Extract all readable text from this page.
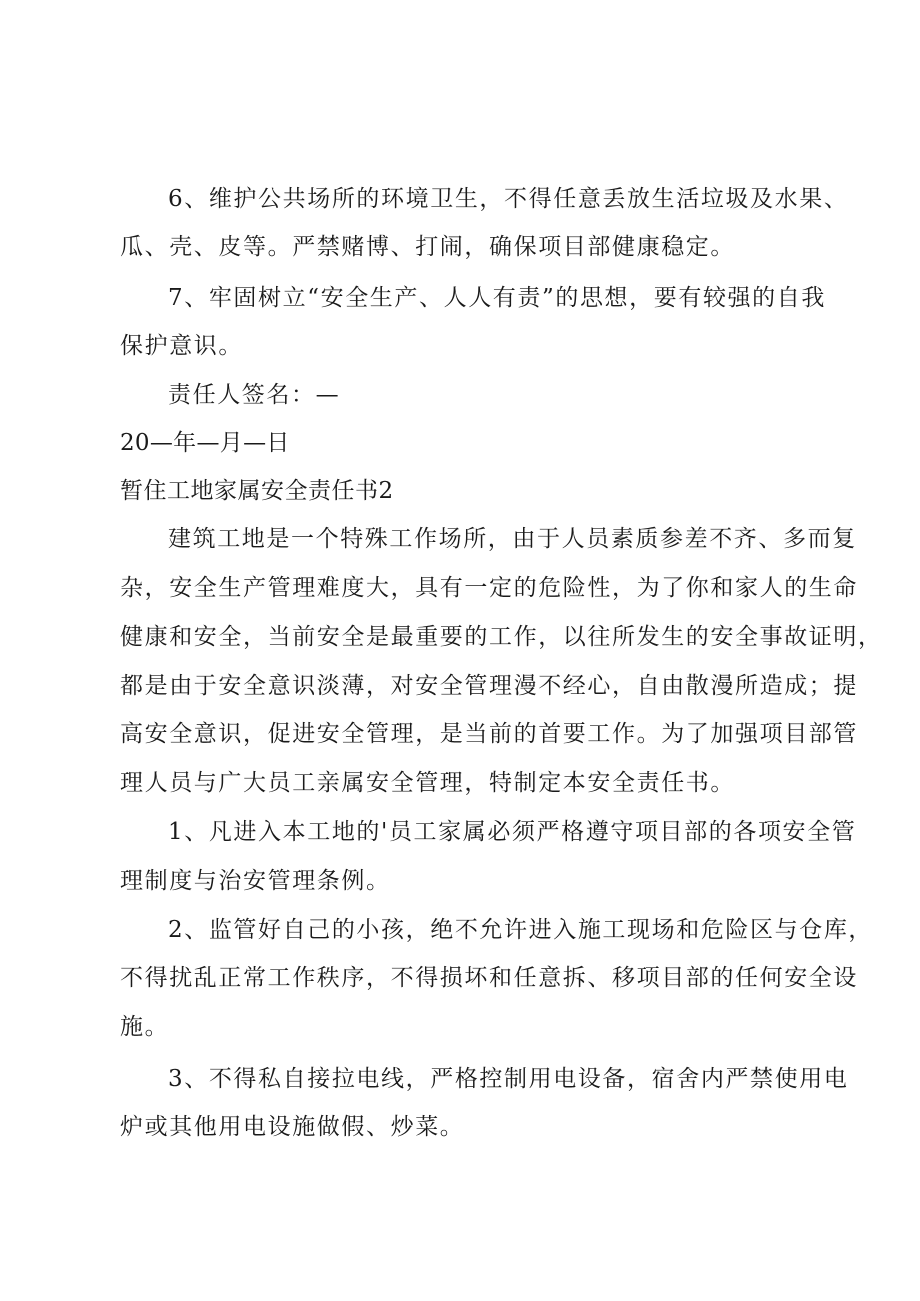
6、维护公共场所的环境卫生，不得任意丢放生活垃圾及水果、
瓜、壳、皮等。严禁赌博、打闹，确保项目部健康稳定。
7、牢固树立“安全生产、人人有责”的思想，要有较强的自我
保护意识。
责任人签名：—
20—年—月—日
暂住工地家属安全责任书2
建筑工地是一个特殊工作场所，由于人员素质参差不齐、多而复
杂，安全生产管理难度大，具有一定的危险性，为了你和家人的生命
健康和安全，当前安全是最重要的工作，以往所发生的安全事故证明，
都是由于安全意识淡薄，对安全管理漫不经心，自由散漫所造成；提
高安全意识，促进安全管理，是当前的首要工作。为了加强项目部管
理人员与广大员工亲属安全管理，特制定本安全责任书。
1、凡进入本工地的'员工家属必须严格遵守项目部的各项安全管
理制度与治安管理条例。
2、监管好自己的小孩，绝不允许进入施工现场和危险区与仓库，
不得扰乱正常工作秩序，不得损坏和任意拆、移项目部的任何安全设
施。
3、不得私自接拉电线，严格控制用电设备，宿舍内严禁使用电
炉或其他用电设施做假、炒菜。
